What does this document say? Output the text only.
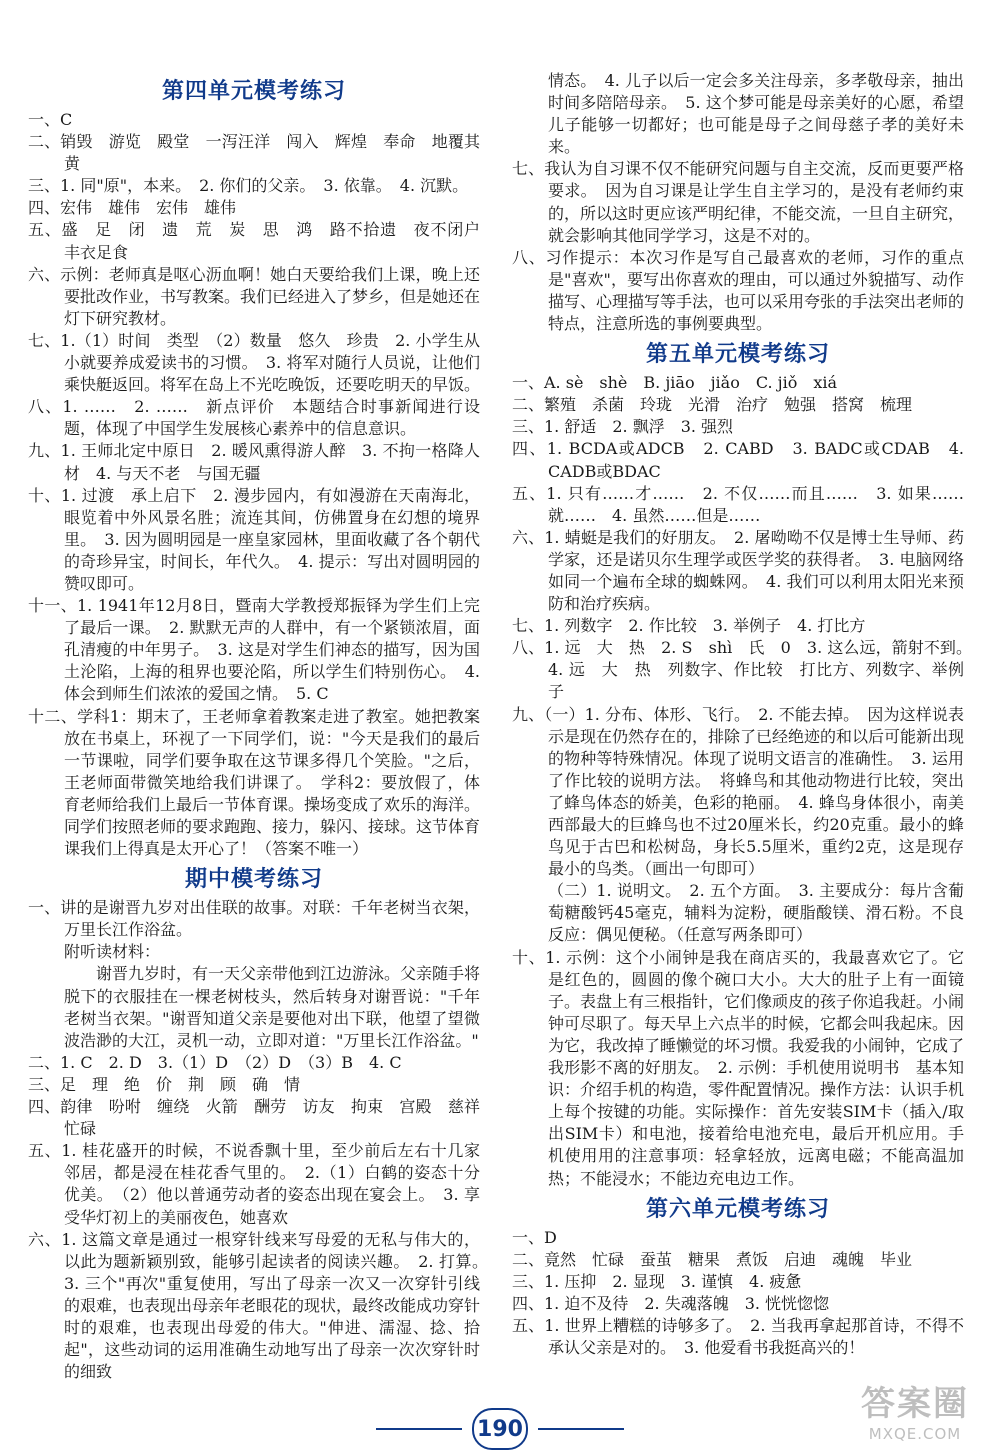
第四单元模考练习
一、C
二、销毁　游览　殿堂　一泻汪洋　闯入　辉煌　奉命　地覆其黄
三、1. 同"原"，本来。　2. 你们的父亲。　3. 依靠。　4. 沉默。
四、宏伟　雄伟　宏伟　雄伟
五、盛　足　闭　遗　荒　炭　思　鸿　路不拾遗　夜不闭户　丰衣足食
六、示例：老师真是呕心沥血啊！她白天要给我们上课，晚上还要批改作业，书写教案。我们已经进入了梦乡，但是她还在灯下研究教材。
七、1.（1）时间　类型　（2）数量　悠久　珍贵　2. 小学生从小就要养成爱读书的习惯。　3. 将军对随行人员说，让他们乘快艇返回。将军在岛上不光吃晚饭，还要吃明天的早饭。
八、1. ……　2. ……　新点评价　本题结合时事新闻进行设题，体现了中国学生发展核心素养中的信息意识。
九、1. 王师北定中原日　2. 暖风熏得游人醉　3. 不拘一格降人材　4. 与天不老　与国无疆
十、1. 过渡　承上启下　2. 漫步园内，有如漫游在天南海北，眼览着中外风景名胜；流连其间，仿佛置身在幻想的境界里。　3. 因为圆明园是一座皇家园林，里面收藏了各个朝代的奇珍异宝，时间长，年代久。　4. 提示：写出对圆明园的赞叹即可。
十一、1. 1941年12月8日，暨南大学教授郑振铎为学生们上完了最后一课。　2. 默默无声的人群中，有一个紧锁浓眉，面孔清瘦的中年男子。　3. 这是对学生们神态的描写，因为国土沦陷，上海的租界也要沦陷，所以学生们特别伤心。　4. 体会到师生们浓浓的爱国之情。　5. C
十二、学科1：期末了，王老师拿着教案走进了教室。她把教案放在书桌上，环视了一下同学们，说："今天是我们的最后一节课啦，同学们要争取在这节课多得几个笑脸。"之后，王老师面带微笑地给我们讲课了。　学科2：要放假了，体育老师给我们上最后一节体育课。操场变成了欢乐的海洋。同学们按照老师的要求跑跑、接力，躲闪、接球。这节体育课我们上得真是太开心了！（答案不唯一）
期中模考练习
一、讲的是谢晋九岁对出佳联的故事。对联：千年老树当衣架，万里长江作浴盆。
附听读材料：
谢晋九岁时，有一天父亲带他到江边游泳。父亲随手将脱下的衣服挂在一棵老树枝头，然后转身对谢晋说："千年老树当衣架。"谢晋知道父亲是要他对出下联，他望了望微波浩渺的大江，灵机一动，立即对道："万里长江作浴盆。"
二、1. C　2. D　3.（1）D　（2）D　（3）B　4. C
三、足　理　绝　价　荆　顾　确　情
四、韵律　吩咐　缠绕　火箭　酬劳　访友　拘束　宫殿　慈祥　忙碌
五、1. 桂花盛开的时候，不说香飘十里，至少前后左右十几家邻居，都是浸在桂花香气里的。　2.（1）白鹤的姿态十分优美。　（2）他以普通劳动者的姿态出现在宴会上。　3. 享受华灯初上的美丽夜色，她喜欢
六、1. 这篇文章是通过一根穿针线来写母爱的无私与伟大的，以此为题新颖别致，能够引起读者的阅读兴趣。　2. 打算。　3. 三个"再次"重复使用，写出了母亲一次又一次穿针引线的艰难，也表现出母亲年老眼花的现状，最终改能成功穿针时的艰难，也表现出母爱的伟大。"伸进、濡湿、捻、拾起"，这些动词的运用准确生动地写出了母亲一次次穿针时的细致
情态。　4. 儿子以后一定会多关注母亲，多孝敬母亲，抽出时间多陪陪母亲。　5. 这个梦可能是母亲美好的心愿，希望儿子能够一切都好；也可能是母子之间母慈子孝的美好未来。
七、我认为自习课不仅不能研究问题与自主交流，反而更要严格要求。　因为自习课是让学生自主学习的，是没有老师约束的，所以这时更应该严明纪律，不能交流，一旦自主研究，就会影响其他同学学习，这是不对的。
八、习作提示：本次习作是写自己最喜欢的老师，习作的重点是"喜欢"，要写出你喜欢的理由，可以通过外貌描写、动作描写、心理描写等手法，也可以采用夸张的手法突出老师的特点，注意所选的事例要典型。
第五单元模考练习
一、A. sè　shè　B. jiāo　jiǎo　C. jiǒ　xiá
二、繁殖　杀菌　玲珑　光滑　治疗　勉强　搭窝　梳理
三、1. 舒适　2. 飘浮　3. 强烈
四、1. BCDA或ADCB　2. CABD　3. BADC或CDAB　4. CADB或BDAC
五、1. 只有……才……　2. 不仅……而且……　3. 如果……就……　4. 虽然……但是……
六、1. 蜻蜓是我们的好朋友。　2. 屠呦呦不仅是博士生导师、药学家，还是诺贝尔生理学或医学奖的获得者。　3. 电脑网络如同一个遍布全球的蜘蛛网。　4. 我们可以利用太阳光来预防和治疗疾病。
七、1. 列数字　2. 作比较　3. 举例子　4. 打比方
八、1. 远　大　热　2. S　shì　氏　0　3. 这么远，箭射不到。　4. 远　大　热　列数字、作比较　打比方、列数字、举例子
九、（一）1. 分布、体形、飞行。　2. 不能去掉。　因为这样说表示是现在仍然存在的，排除了已经绝迹的和以后可能新出现的物种等特殊情况。体现了说明文语言的准确性。　3. 运用了作比较的说明方法。　将蜂鸟和其他动物进行比较，突出了蜂鸟体态的娇美，色彩的艳丽。　4. 蜂鸟身体很小，南美西部最大的巨蜂鸟也不过20厘米长，约20克重。最小的蜂鸟见于古巴和松树岛，身长5.5厘米，重约2克，这是现存最小的鸟类。（画出一句即可）
（二）1. 说明文。　2. 五个方面。　3. 主要成分：每片含葡萄糖酸钙45毫克，辅料为淀粉，硬脂酸镁、滑石粉。不良反应：偶见便秘。（任意写两条即可）
十、1. 示例：这个小闹钟是我在商店买的，我最喜欢它了。它是红色的，圆圆的像个碗口大小。大大的肚子上有一面镜子。表盘上有三根指针，它们像顽皮的孩子你追我赶。小闹钟可尽职了。每天早上六点半的时候，它都会叫我起床。因为它，我改掉了睡懒觉的坏习惯。我爱我的小闹钟，它成了我形影不离的好朋友。　2. 示例：手机使用说明书　基本知识：介绍手机的构造，零件配置情况。操作方法：认识手机上每个按键的功能。实际操作：首先安装SIM卡（插入/取出SIM卡）和电池，接着给电池充电，最后开机应用。手机使用用的注意事项：轻拿轻放，远离电磁；不能高温加热；不能浸水；不能边充电边工作。
第六单元模考练习
一、D
二、竟然　忙碌　蚕茧　糖果　煮饭　启迪　魂魄　毕业
三、1. 压抑　2. 显现　3. 谨慎　4. 疲惫
四、1. 迫不及待　2. 失魂落魄　3. 恍恍惚惚
五、1. 世界上糟糕的诗够多了。　2. 当我再拿起那首诗，不得不承认父亲是对的。　3. 他爱看书我挺高兴的！
190
答案圈
MXQE.COM
